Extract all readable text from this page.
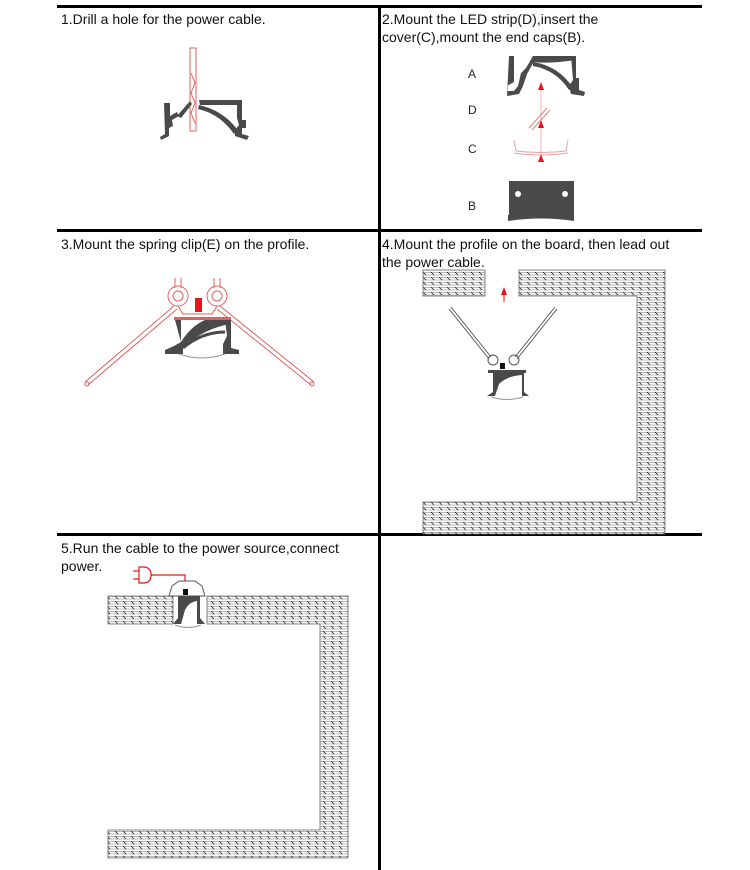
1.Drill a hole for the power cable.	2.Mount the LED strip(D),insert the
cover(C),mount the end caps(B).
A
D
C
B
3.Mount the spring clip(E) on the profile.	4.Mount the profile on the board, then lead out
the power cable.
5.Run the cable to the power source,connect
power.
